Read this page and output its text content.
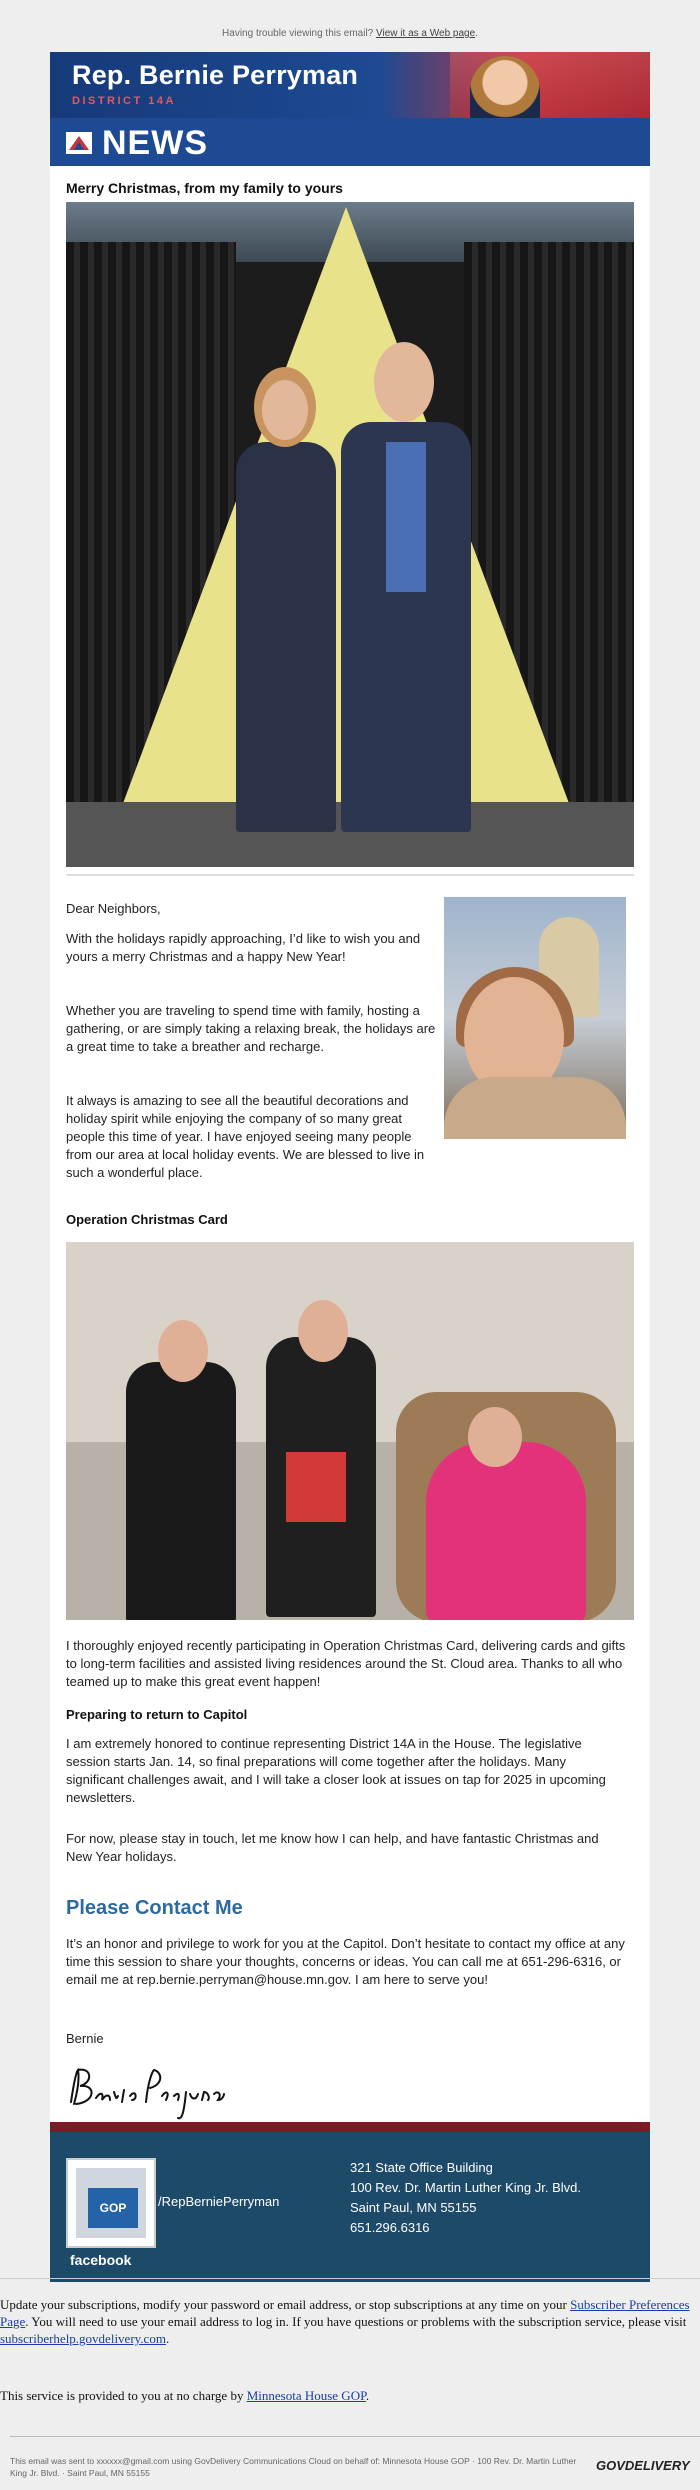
Having trouble viewing this email? View it as a Web page.
Rep. Bernie Perryman
DISTRICT 14A
NEWS
Merry Christmas, from my family to yours
Dear Neighbors,
With the holidays rapidly approaching, I’d like to wish you and yours a merry Christmas and a happy New Year!
Whether you are traveling to spend time with family, hosting a gathering, or are simply taking a relaxing break, the holidays are a great time to take a breather and recharge.
It always is amazing to see all the beautiful decorations and holiday spirit while enjoying the company of so many great people this time of year. I have enjoyed seeing many people from our area at local holiday events. We are blessed to live in such a wonderful place.
Operation Christmas Card
I thoroughly enjoyed recently participating in Operation Christmas Card, delivering cards and gifts to long-term facilities and assisted living residences around the St. Cloud area. Thanks to all who teamed up to make this great event happen!
Preparing to return to Capitol
I am extremely honored to continue representing District 14A in the House. The legislative session starts Jan. 14, so final preparations will come together after the holidays. Many significant challenges await, and I will take a closer look at issues on tap for 2025 in upcoming newsletters.
For now, please stay in touch, let me know how I can help, and have fantastic Christmas and New Year holidays.
Please Contact Me
It’s an honor and privilege to work for you at the Capitol. Don’t hesitate to contact my office at any time this session to share your thoughts, concerns or ideas. You can call me at 651-296-6316, or email me at rep.bernie.perryman@house.mn.gov. I am here to serve you!
Bernie
GOP
facebook
/RepBerniePerryman
321 State Office Building
100 Rev. Dr. Martin Luther King Jr. Blvd.
Saint Paul, MN 55155
651.296.6316
Update your subscriptions, modify your password or email address, or stop subscriptions at any time on your Subscriber Preferences Page. You will need to use your email address to log in. If you have questions or problems with the subscription service, please visit subscriberhelp.govdelivery.com.
This service is provided to you at no charge by Minnesota House GOP.
This email was sent to xxxxxx@gmail.com using GovDelivery Communications Cloud on behalf of: Minnesota House GOP · 100 Rev. Dr. Martin Luther King Jr. Blvd. · Saint Paul, MN 55155	GOVDELIVERY
